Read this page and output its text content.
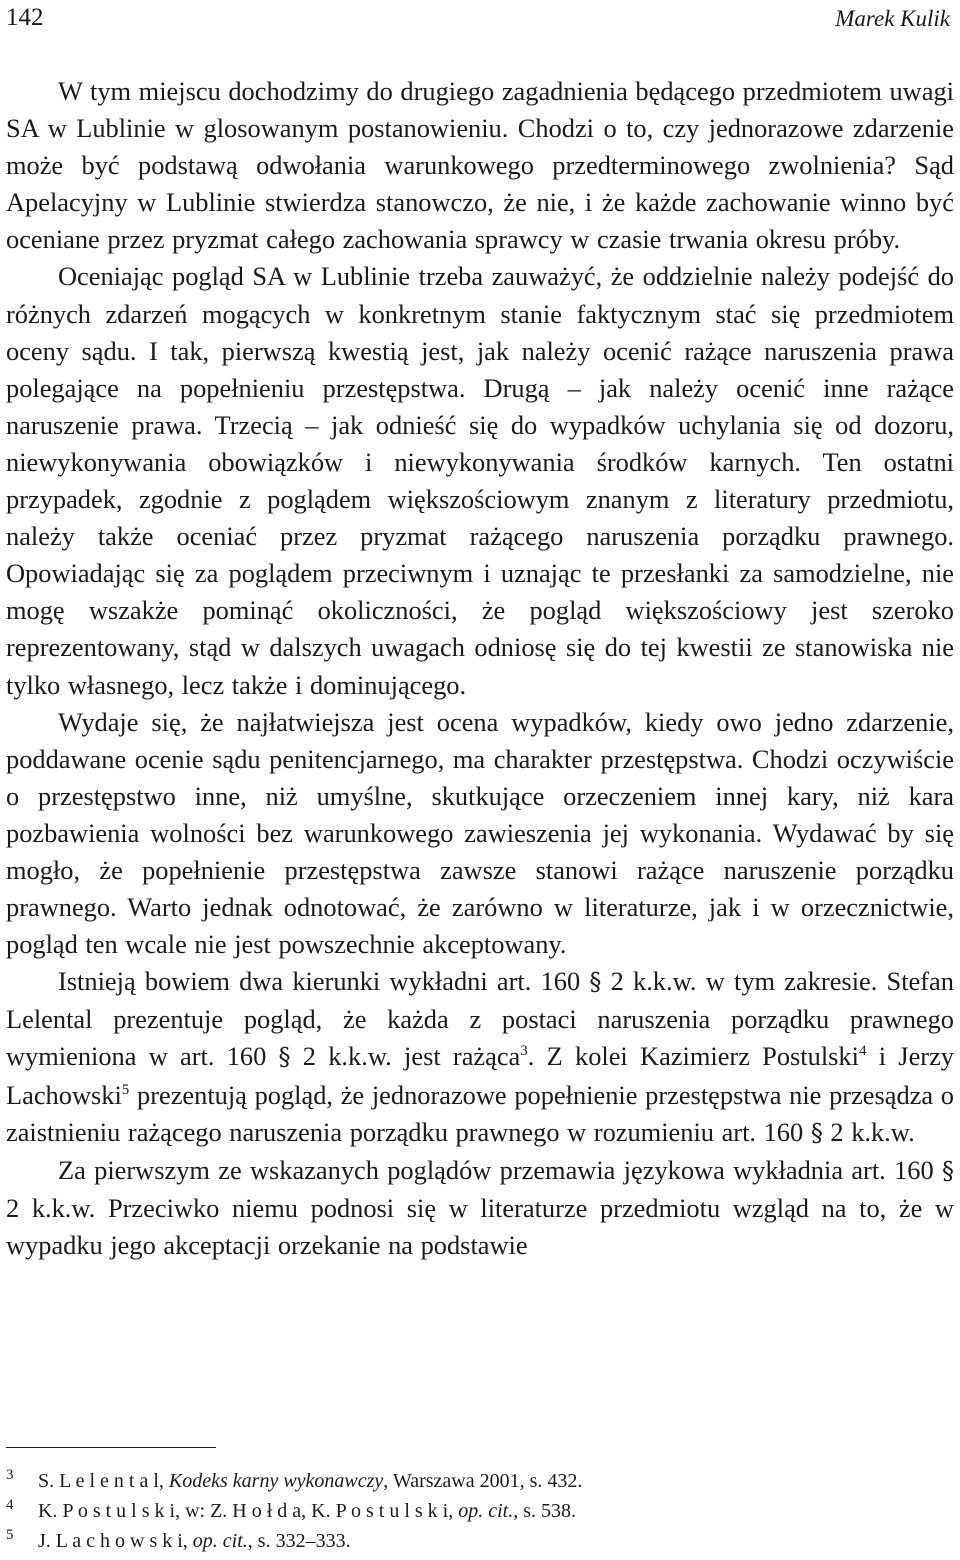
142	Marek Kulik

W tym miejscu dochodzimy do drugiego zagadnienia będącego przedmiotem uwagi SA w Lublinie w glosowanym postanowieniu. Chodzi o to, czy jednorazowe zdarzenie może być podstawą odwołania warunkowego przedterminowego zwolnienia? Sąd Apelacyjny w Lublinie stwierdza stanowczo, że nie, i że każde zachowanie winno być oceniane przez pryzmat całego zachowania sprawcy w czasie trwania okresu próby.

Oceniając pogląd SA w Lublinie trzeba zauważyć, że oddzielnie należy podejść do różnych zdarzeń mogących w konkretnym stanie faktycznym stać się przedmiotem oceny sądu. I tak, pierwszą kwestią jest, jak należy ocenić rażące naruszenia prawa polegające na popełnieniu przestępstwa. Drugą – jak należy ocenić inne rażące naruszenie prawa. Trzecią – jak odnieść się do wypadków uchylania się od dozoru, niewykonywania obowiązków i niewykonywania środków karnych. Ten ostatni przypadek, zgodnie z poglądem większościowym znanym z literatury przedmiotu, należy także oceniać przez pryzmat rażącego naruszenia porządku prawnego. Opowiadając się za poglądem przeciwnym i uznając te przesłanki za samodzielne, nie mogę wszakże pominąć okoliczności, że pogląd większościowy jest szeroko reprezentowany, stąd w dalszych uwagach odniosę się do tej kwestii ze stanowiska nie tylko własnego, lecz także i dominującego.

Wydaje się, że najłatwiejsza jest ocena wypadków, kiedy owo jedno zdarzenie, poddawane ocenie sądu penitencjarnego, ma charakter przestępstwa. Chodzi oczywiście o przestępstwo inne, niż umyślne, skutkujące orzeczeniem innej kary, niż kara pozbawienia wolności bez warunkowego zawieszenia jej wykonania. Wydawać by się mogło, że popełnienie przestępstwa zawsze stanowi rażące naruszenie porządku prawnego. Warto jednak odnotować, że zarówno w literaturze, jak i w orzecznictwie, pogląd ten wcale nie jest powszechnie akceptowany.

Istnieją bowiem dwa kierunki wykładni art. 160 § 2 k.k.w. w tym zakresie. Stefan Lelental prezentuje pogląd, że każda z postaci naruszenia porządku prawnego wymieniona w art. 160 § 2 k.k.w. jest rażąca$^3$. Z kolei Kazimierz Postulski$^4$ i Jerzy Lachowski$^5$ prezentują pogląd, że jednorazowe popełnienie przestępstwa nie przesądza o zaistnieniu rażącego naruszenia porządku prawnego w rozumieniu art. 160 § 2 k.k.w.

Za pierwszym ze wskazanych poglądów przemawia językowa wykładnia art. 160 § 2 k.k.w. Przeciwko niemu podnosi się w literaturze przedmiotu wzgląd na to, że w wypadku jego akceptacji orzekanie na podstawie

3 S. L e l e n t a l, Kodeks karny wykonawczy, Warszawa 2001, s. 432.

4 K. P o s t u l s k i, w: Z. H o ł d a, K. P o s t u l s k i, op. cit., s. 538.

5 J. L a c h o w s k i, op. cit., s. 332–333.
